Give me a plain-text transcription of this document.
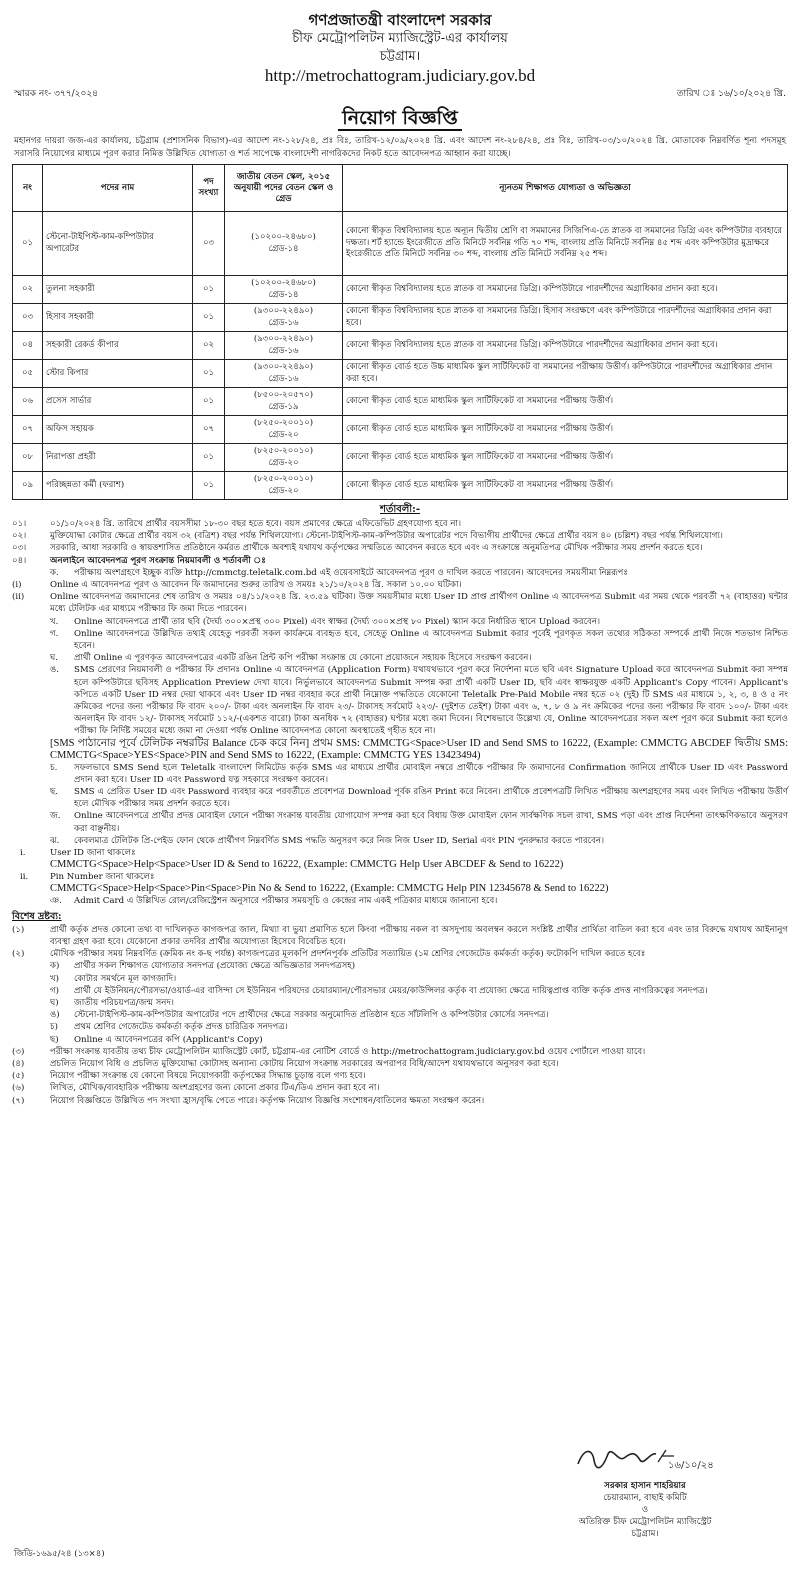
গণপ্রজাতন্ত্রী বাংলাদেশ সরকার
চীফ মেট্রোপলিটন ম্যাজিস্ট্রেট-এর কার্যালয়
চট্টগ্রাম।
http://metrochattogram.judiciary.gov.bd
স্মারক নং- ৩৭৭/২০২৪	তারিখ ঃ ১৬/১০/২০২৪ খ্রি.
নিয়োগ বিজ্ঞপ্তি
মহানগর দায়রা জজ-এর কার্যালয়, চট্টগ্রাম (প্রশাসনিক বিভাগ)-এর আদেশ নং-১২৮/২৪, প্রঃ বিঃ, তারিখ-১২/০৯/২০২৪ খ্রি. এবং আদেশ নং-২৮৪/২৪, প্রঃ বিঃ, তারিখ-০৩/১০/২০২৪ খ্রি. মোতাবেক নিম্নবর্ণিত শূন্য পদসমূহ সরাসরি নিয়োগের মাধ্যমে পূরণ করার নিমিত্ত উল্লিখিত যোগ্যতা ও শর্ত সাপেক্ষে বাংলাদেশী নাগরিকদের নিকট হতে আবেদনপত্র আহ্বান করা যাচ্ছে।
নং	পদের নাম	পদ সংখ্যা	জাতীয় বেতন স্কেল, ২০১৫ অনুযায়ী পদের বেতন স্কেল ও গ্রেড	ন্যূনতম শিক্ষাগত যোগ্যতা ও অভিজ্ঞতা
০১	স্টেনো-টাইপিস্ট-কাম-কম্পিউটার অপারেটর	০৩	(১০২০০-২৪৬৮০)
গ্রেড-১৪	কোনো স্বীকৃত বিশ্ববিদ্যালয় হতে অন্যূন দ্বিতীয় শ্রেণি বা সমমানের সিজিপিএ-তে স্নাতক বা সমমানের ডিগ্রি এবং কম্পিউটার ব্যবহারে দক্ষতা। শর্ট হ্যান্ডে ইংরেজীতে প্রতি মিনিটে সর্বনিম্ন গতি ৭০ শব্দ, বাংলায় প্রতি মিনিটে সর্বনিম্ন ৪৫ শব্দ এবং কম্পিউটার মুদ্রাক্ষরে ইংরেজীতে প্রতি মিনিটে সর্বনিম্ন ৩০ শব্দ, বাংলায় প্রতি মিনিটে সর্বনিম্ন ২৫ শব্দ।
০২	তুলনা সহকারী	০১	(১০২০০-২৪৬৮০)
গ্রেড-১৪	কোনো স্বীকৃত বিশ্ববিদ্যালয় হতে স্নাতক বা সমমানের ডিগ্রি। কম্পিউটারে পারদর্শীদের অগ্রাধিকার প্রদান করা হবে।
০৩	হিসাব সহকারী	০১	(৯৩০০-২২৪৯০)
গ্রেড-১৬	কোনো স্বীকৃত বিশ্ববিদ্যালয় হতে স্নাতক বা সমমানের ডিগ্রি। হিসাব সংরক্ষণে এবং কম্পিউটারে পারদর্শীদের অগ্রাধিকার প্রদান করা হবে।
০৪	সহকারী রেকর্ড কীপার	০২	(৯৩০০-২২৪৯০)
গ্রেড-১৬	কোনো স্বীকৃত বিশ্ববিদ্যালয় হতে স্নাতক বা সমমানের ডিগ্রি। কম্পিউটারে পারদর্শীদের অগ্রাধিকার প্রদান করা হবে।
০৫	স্টোর কিপার	০১	(৯৩০০-২২৪৯০)
গ্রেড-১৬	কোনো স্বীকৃত বোর্ড হতে উচ্চ মাধ্যমিক স্কুল সার্টিফিকেট বা সমমানের পরীক্ষায় উত্তীর্ণ। কম্পিউটারে পারদর্শীদের অগ্রাধিকার প্রদান করা হবে।
০৬	প্রসেস সার্ভার	০১	(৮৫০০-২০৫৭০)
গ্রেড-১৯	কোনো স্বীকৃত বোর্ড হতে মাধ্যমিক স্কুল সার্টিফিকেট বা সমমানের পরীক্ষায় উত্তীর্ণ।
০৭	অফিস সহায়ক	০৭	(৮২৫০-২০০১০)
গ্রেড-২০	কোনো স্বীকৃত বোর্ড হতে মাধ্যমিক স্কুল সার্টিফিকেট বা সমমানের পরীক্ষায় উত্তীর্ণ।
০৮	নিরাপত্তা প্রহরী	০১	(৮২৫০-২০০১০)
গ্রেড-২০	কোনো স্বীকৃত বোর্ড হতে মাধ্যমিক স্কুল সার্টিফিকেট বা সমমানের পরীক্ষায় উত্তীর্ণ।
০৯	পরিচ্ছন্নতা কর্মী (ফরাশ)	০১	(৮২৫০-২০০১০)
গ্রেড-২০	কোনো স্বীকৃত বোর্ড হতে মাধ্যমিক স্কুল সার্টিফিকেট বা সমমানের পরীক্ষায় উত্তীর্ণ।
শর্তাবলী:-
০১।	০১/১০/২০২৪ খ্রি. তারিখে প্রার্থীর বয়সসীমা ১৮-৩০ বছর হতে হবে। বয়স প্রমাণের ক্ষেত্রে এফিডেভিট গ্রহণযোগ্য হবে না।
০২।	মুক্তিযোদ্ধা কোটার ক্ষেত্রে প্রার্থীর বয়স ৩২ (বত্রিশ) বছর পর্যন্ত শিথিলযোগ্য। স্টেনো-টাইপিস্ট-কাম-কম্পিউটার অপারেটর পদে বিভাগীয় প্রার্থীদের ক্ষেত্রে প্রার্থীর বয়স ৪০ (চল্লিশ) বছর পর্যন্ত শিথিলযোগ্য।
০৩।	সরকারি, আধা সরকারি ও স্বায়ত্তশাসিত প্রতিষ্ঠানে কর্মরত প্রার্থীকে অবশ্যই যথাযথ কর্তৃপক্ষের সম্মতিতে আবেদন করতে হবে এবং এ সংক্রান্তে অনুমতিপত্র মৌখিক পরীক্ষার সময় প্রদর্শন করতে হবে।
০৪।	অনলাইনে আবেদনপত্র পূরণ সংক্রান্ত নিয়মাবলী ও শর্তাবলী ঃ
ক.	পরীক্ষায় অংশগ্রহণে ইচ্ছুক ব্যক্তি http://cmmctg.teletalk.com.bd এই ওয়েবসাইটে আবেদনপত্র পূরণ ও দাখিল করতে পারবেন। আবেদনের সময়সীমা নিম্নরূপঃ
(i)	Online এ আবেদনপত্র পূরণ ও আবেদন ফি জমাদানের শুরুর তারিখ ও সময়ঃ ২১/১০/২০২৪ খ্রি. সকাল ১০.০০ ঘটিকা।
(ii)	Online আবেদনপত্র জমাদানের শেষ তারিখ ও সময়ঃ ০৪/১১/২০২৪ খ্রি. ২৩.৫৯ ঘটিকা। উক্ত সময়সীমার মধ্যে User ID প্রাপ্ত প্রার্থীগণ Online এ আবেদনপত্র Submit এর সময় থেকে পরবর্তী ৭২ (বাহাত্তর) ঘন্টার মধ্যে টেলিটক এর মাধ্যমে পরীক্ষার ফি জমা দিতে পারবেন।
খ.	Online আবেদনপত্রে প্রার্থী তার ছবি (দৈর্ঘ্য ৩০০×প্রস্থ ৩০০ Pixel) এবং স্বাক্ষর (দৈর্ঘ্য ৩০০×প্রস্থ ৮০ Pixel) স্ক্যান করে নির্ধারিত স্থানে Upload করবেন।
গ.	Online আবেদনপত্রে উল্লিখিত তথ্যই যেহেতু পরবর্তী সকল কার্যক্রমে ব্যবহৃত হবে, সেহেতু Online এ আবেদনপত্র Submit করার পূর্বেই পূরণকৃত সকল তথ্যের সঠিকতা সম্পর্কে প্রার্থী নিজে শতভাগ নিশ্চিত হবেন।
ঘ.	প্রার্থী Online এ পূরণকৃত আবেদনপত্রের একটি রঙিন প্রিন্ট কপি পরীক্ষা সংক্রান্ত যে কোনো প্রয়োজনে সহায়ক হিসেবে সংরক্ষণ করবেন।
ঙ.	SMS প্রেরণের নিয়মাবলী ও পরীক্ষার ফি প্রদানঃ Online এ আবেদনপত্র (Application Form) যথাযথভাবে পূরণ করে নির্দেশনা মতে ছবি এবং Signature Upload করে আবেদনপত্র Submit করা সম্পন্ন হলে কম্পিউটারে ছবিসহ Application Preview দেখা যাবে। নির্ভুলভাবে আবেদনপত্র Submit সম্পন্ন করা প্রার্থী একটি User ID, ছবি এবং স্বাক্ষরযুক্ত একটি Applicant's Copy পাবেন। Applicant's কপিতে একটি User ID নম্বর দেয়া থাকবে এবং User ID নম্বর ব্যবহার করে প্রার্থী নিম্নোক্ত পদ্ধতিতে যেকোনো Teletalk Pre-Paid Mobile নম্বর হতে ০২ (দুই) টি SMS এর মাধ্যমে ১, ২, ৩, ৪ ও ৫ নং ক্রমিকের পদের জন্য পরীক্ষার ফি বাবদ ২০০/- টাকা এবং অনলাইন ফি বাবদ ২৩/- টাকাসহ সর্বমোট ২২৩/- (দুইশত তেইশ) টাকা এবং ৬, ৭, ৮ ও ৯ নং ক্রমিকের পদের জন্য পরীক্ষার ফি বাবদ ১০০/- টাকা এবং অনলাইন ফি বাবদ ১২/- টাকাসহ সর্বমোট ১১২/-(একশত বারো) টাকা অনধিক ৭২ (বাহাত্তর) ঘণ্টার মধ্যে জমা দিবেন। বিশেষভাবে উল্লেখ্য যে, Online আবেদনপত্রের সকল অংশ পূরণ করে Submit করা হলেও পরীক্ষা ফি নির্দিষ্ট সময়ের মধ্যে জমা না দেওয়া পর্যন্ত Online আবেদনপত্র কোনো অবস্থাতেই গৃহীত হবে না।
[SMS পাঠানোর পূর্বে টেলিটক নম্বরটির Balance চেক করে নিন] প্রথম SMS: CMMCTG<Space>User ID and Send SMS to 16222, (Example: CMMCTG ABCDEF দ্বিতীয় SMS: CMMCTG<Space>YES<Space>PIN and Send SMS to 16222, (Example: CMMCTG YES 13423494)
চ.	সফলভাবে SMS Send হলে Teletalk বাংলাদেশ লিমিটেড কর্তৃক SMS এর মাধ্যমে প্রার্থীর মোবাইল নম্বরে প্রার্থীকে পরীক্ষার ফি জমাদানের Confirmation জানিয়ে প্রার্থীকে User ID এবং Password প্রদান করা হবে। User ID এবং Password যত্ন সহকারে সংরক্ষণ করবেন।
ছ.	SMS এ প্রেরিত User ID এবং Password ব্যবহার করে পরবর্তীতে প্রবেশপত্র Download পূর্বক রঙিন Print করে নিবেন। প্রার্থীকে প্রবেশপত্রটি লিখিত পরীক্ষায় অংশগ্রহণের সময় এবং লিখিত পরীক্ষায় উত্তীর্ণ হলে মৌখিক পরীক্ষার সময় প্রদর্শন করতে হবে।
জ.	Online আবেদনপত্রে প্রার্থীর প্রদত্ত মোবাইল ফোনে পরীক্ষা সংক্রান্ত যাবতীয় যোগাযোগ সম্পন্ন করা হবে বিধায় উক্ত মোবাইল ফোন সার্বক্ষণিক সচল রাখা, SMS পড়া এবং প্রাপ্ত নির্দেশনা তাৎক্ষণিকভাবে অনুসরণ করা বাঞ্ছনীয়।
ঝ.	কেবলমাত্র টেলিটক প্রি-পেইড ফোন থেকে প্রার্থীগণ নিম্নবর্ণিত SMS পদ্ধতি অনুসরণ করে নিজ নিজ User ID, Serial এবং PIN পুনরুদ্ধার করতে পারবেন।
i.	User ID জানা থাকলেঃ
CMMCTG<Space>Help<Space>User ID & Send to 16222, (Example: CMMCTG Help User ABCDEF & Send to 16222)
ii.	Pin Number জানা থাকলেঃ
CMMCTG<Space>Help<Space>Pin<Space>Pin No & Send to 16222, (Example: CMMCTG Help PIN 12345678 & Send to 16222)
ঞ.	Admit Card এ উল্লিখিত রোল/রেজিস্ট্রেশন অনুসারে পরীক্ষার সময়সূচি ও কেন্দ্রের নাম একই পত্রিকার মাধ্যমে জানানো হবে।
বিশেষ দ্রষ্টব্য:
(১)	প্রার্থী কর্তৃক প্রদত্ত কোনো তথ্য বা দাখিলকৃত কাগজপত্র জাল, মিথ্যা বা ভুয়া প্রমাণিত হলে কিংবা পরীক্ষায় নকল বা অসদুপায় অবলম্বন করলে সংশ্লিষ্ট প্রার্থীর প্রার্থিতা বাতিল করা হবে এবং তার বিরুদ্ধে যথাযথ আইনানুগ ব্যবস্থা গ্রহণ করা হবে। যেকোনো প্রকার তদবির প্রার্থীর অযোগ্যতা হিসেবে বিবেচিত হবে।
(২)	মৌখিক পরীক্ষার সময় নিম্নবর্ণিত (ক্রমিক নং ক-ছ পর্যন্ত) কাগজপত্রের মূলকপি প্রদর্শনপূর্বক প্রতিটির সত্যায়িত (১ম শ্রেণির গেজেটেড কর্মকর্তা কর্তৃক) ফটোকপি দাখিল করতে হবেঃ
ক)	প্রার্থীর সকল শিক্ষাগত যোগ্যতার সনদপত্র (প্রযোজ্য ক্ষেত্রে অভিজ্ঞতার সনদপত্রসহ)
খ)	কোটার সমর্থনে মূল কাগজাদি।
গ)	প্রার্থী যে ইউনিয়ন/পৌরসভা/ওয়ার্ড-এর বাসিন্দা সে ইউনিয়ন পরিষদের চেয়ারম্যান/পৌরসভার মেয়র/কাউন্সিলর কর্তৃক বা প্রযোজ্য ক্ষেত্রে দায়িত্বপ্রাপ্ত ব্যক্তি কর্তৃক প্রদত্ত নাগরিকত্বের সনদপত্র।
ঘ)	জাতীয় পরিচয়পত্র/জন্ম সনদ।
ঙ)	স্টেনো-টাইপিস্ট-কাম-কম্পিউটার অপারেটর পদে প্রার্থীদের ক্ষেত্রে সরকার অনুমোদিত প্রতিষ্ঠান হতে সাঁটলিপি ও কম্পিউটার কোর্সের সনদপত্র।
চ)	প্রথম শ্রেণির গেজেটেড কর্মকর্তা কর্তৃক প্রদত্ত চারিত্রিক সনদপত্র।
ছ)	Online এ আবেদনপত্রের কপি (Applicant's Copy)
(৩)	পরীক্ষা সংক্রান্ত যাবতীয় তথ্য চীফ মেট্রোপলিটন ম্যাজিস্ট্রেট কোর্ট, চট্টগ্রাম-এর নোটিশ বোর্ডে ও http://metrochattogram.judiciary.gov.bd ওয়েব পোর্টালে পাওয়া যাবে।
(৪)	প্রচলিত নিয়োগ বিধি ও প্রচলিত মুক্তিযোদ্ধা কোটাসহ অন্যান্য কোটায় নিয়োগ সংক্রান্ত সরকারের অপরাপর বিধি/আদেশ যথাযথভাবে অনুসরণ করা হবে।
(৫)	নিয়োগ পরীক্ষা সংক্রান্ত যে কোনো বিষয়ে নিয়োগকারী কর্তৃপক্ষের সিদ্ধান্ত চূড়ান্ত বলে গণ্য হবে।
(৬)	লিখিত, মৌখিক/ব্যবহারিক পরীক্ষায় অংশগ্রহণের জন্য কোনো প্রকার টিএ/ডিএ প্রদান করা হবে না।
(৭)	নিয়োগ বিজ্ঞপ্তিতে উল্লিখিত পদ সংখ্যা হ্রাস/বৃদ্ধি পেতে পারে। কর্তৃপক্ষ নিয়োগ বিজ্ঞপ্তি সংশোধন/বাতিলের ক্ষমতা সংরক্ষণ করেন।
১৬/১০/২৪
সরকার হাসান শাহরিয়ার
চেয়ারম্যান, বাছাই কমিটি
ও
অতিরিক্ত চীফ মেট্রোপলিটন ম্যাজিস্ট্রেট
চট্টগ্রাম।
জিডি-১৬৯৫/২৪ (১৩×৪)
